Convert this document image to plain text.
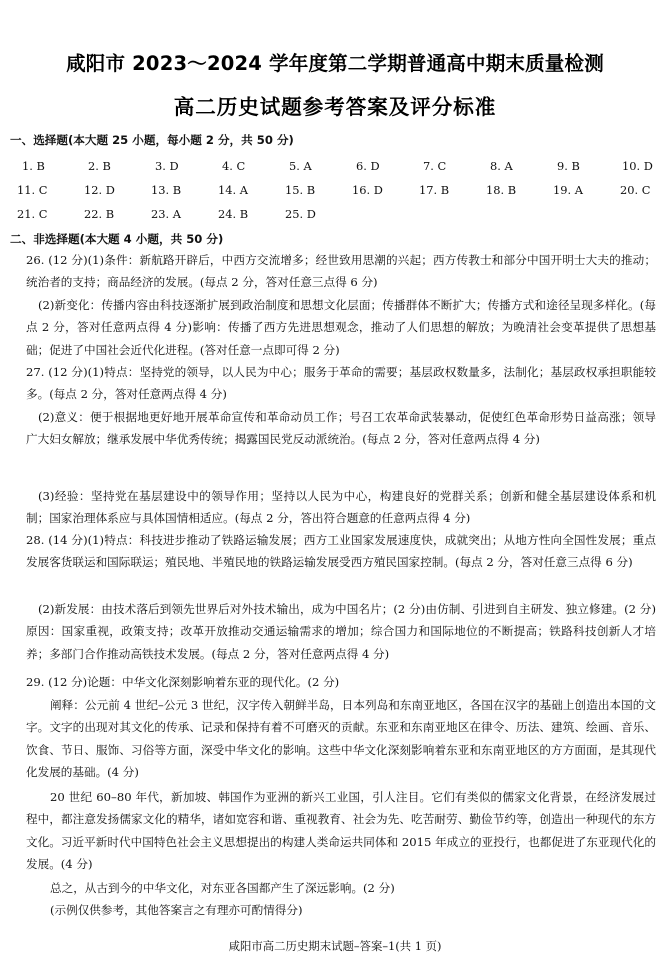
咸阳市 2023～2024 学年度第二学期普通高中期末质量检测
高二历史试题参考答案及评分标准
一、选择题(本大题 25 小题，每小题 2 分，共 50 分)
1. B	2. B	3. D	4. C	5. A	6. D	7. C	8. A	9. B	10. D
11. C	12. D	13. B	14. A	15. B	16. D	17. B	18. B	19. A	20. C
21. C	22. B	23. A	24. B	25. D
二、非选择题(本大题 4 小题，共 50 分)
26. (12 分)(1)条件：新航路开辟后，中西方交流增多；经世致用思潮的兴起；西方传教士和部分中国开明士大夫的推动；统治者的支持；商品经济的发展。(每点 2 分，答对任意三点得 6 分)
(2)新变化：传播内容由科技逐渐扩展到政治制度和思想文化层面；传播群体不断扩大；传播方式和途径呈现多样化。(每点 2 分，答对任意两点得 4 分)影响：传播了西方先进思想观念，推动了人们思想的解放；为晚清社会变革提供了思想基础；促进了中国社会近代化进程。(答对任意一点即可得 2 分)
27. (12 分)(1)特点：坚持党的领导，以人民为中心；服务于革命的需要；基层政权数量多，法制化；基层政权承担职能较多。(每点 2 分，答对任意两点得 4 分)
(2)意义：便于根据地更好地开展革命宣传和革命动员工作；号召工农革命武装暴动，促使红色革命形势日益高涨；领导广大妇女解放；继承发展中华优秀传统；揭露国民党反动派统治。(每点 2 分，答对任意两点得 4 分)
(3)经验：坚持党在基层建设中的领导作用；坚持以人民为中心，构建良好的党群关系；创新和健全基层建设体系和机制；国家治理体系应与具体国情相适应。(每点 2 分，答出符合题意的任意两点得 4 分)
28. (14 分)(1)特点：科技进步推动了铁路运输发展；西方工业国家发展速度快，成就突出；从地方性向全国性发展；重点发展客货联运和国际联运；殖民地、半殖民地的铁路运输发展受西方殖民国家控制。(每点 2 分，答对任意三点得 6 分)
(2)新发展：由技术落后到领先世界后对外技术输出，成为中国名片；(2 分)由仿制、引进到自主研发、独立修建。(2 分)原因：国家重视，政策支持；改革开放推动交通运输需求的增加；综合国力和国际地位的不断提高；铁路科技创新人才培养；多部门合作推动高铁技术发展。(每点 2 分，答对任意两点得 4 分)
29. (12 分)论题：中华文化深刻影响着东亚的现代化。(2 分)
阐释：公元前 4 世纪–公元 3 世纪，汉字传入朝鲜半岛，日本列岛和东南亚地区，各国在汉字的基础上创造出本国的文字。文字的出现对其文化的传承、记录和保持有着不可磨灭的贡献。东亚和东南亚地区在律令、历法、建筑、绘画、音乐、饮食、节日、服饰、习俗等方面，深受中华文化的影响。这些中华文化深刻影响着东亚和东南亚地区的方方面面，是其现代化发展的基础。(4 分)
20 世纪 60–80 年代，新加坡、韩国作为亚洲的新兴工业国，引人注目。它们有类似的儒家文化背景，在经济发展过程中，都注意发扬儒家文化的精华，诸如宽容和谐、重视教育、社会为先、吃苦耐劳、勤俭节约等，创造出一种现代的东方文化。习近平新时代中国特色社会主义思想提出的构建人类命运共同体和 2015 年成立的亚投行，也都促进了东亚现代化的发展。(4 分)
总之，从古到今的中华文化，对东亚各国都产生了深远影响。(2 分)
(示例仅供参考，其他答案言之有理亦可酌情得分)
咸阳市高二历史期末试题–答案–1(共 1 页)
